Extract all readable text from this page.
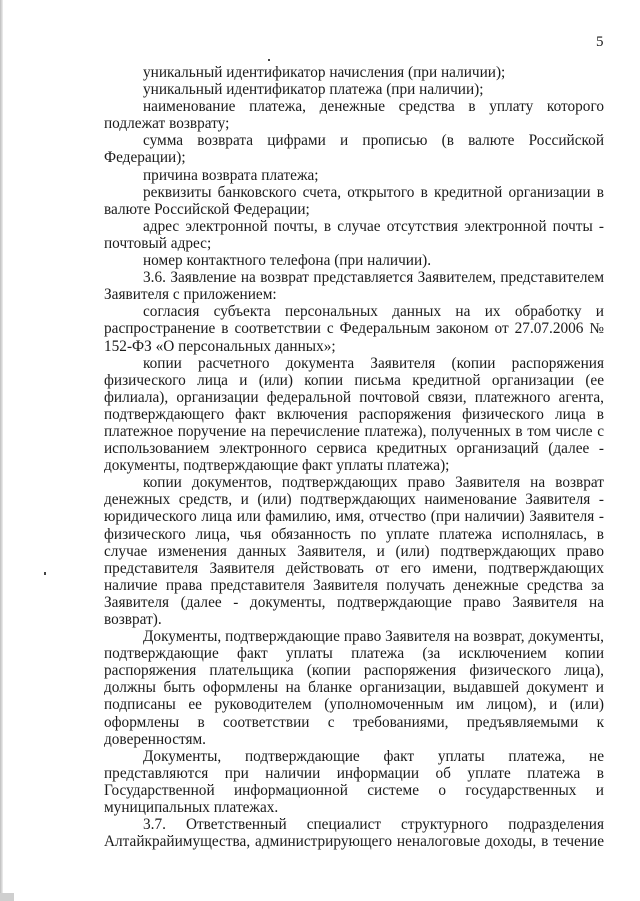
5

уникальный идентификатор начисления (при наличии);

уникальный идентификатор платежа (при наличии);

наименование платежа, денежные средства в уплату которого подлежат возврату;

сумма возврата цифрами и прописью (в валюте Российской Федерации);

причина возврата платежа;

реквизиты банковского счета, открытого в кредитной организации в валюте Российской Федерации;

адрес электронной почты, в случае отсутствия электронной почты - почтовый адрес;

номер контактного телефона (при наличии).

3.6. Заявление на возврат представляется Заявителем, представителем Заявителя с приложением:

согласия субъекта персональных данных на их обработку и распространение в соответствии с Федеральным законом от 27.07.2006 № 152-ФЗ «О персональных данных»;

копии расчетного документа Заявителя (копии распоряжения физического лица и (или) копии письма кредитной организации (ее филиала), организации федеральной почтовой связи, платежного агента, подтверждающего факт включения распоряжения физического лица в платежное поручение на перечисление платежа), полученных в том числе с использованием электронного сервиса кредитных организаций (далее - документы, подтверждающие факт уплаты платежа);

копии документов, подтверждающих право Заявителя на возврат денежных средств, и (или) подтверждающих наименование Заявителя - юридического лица или фамилию, имя, отчество (при наличии) Заявителя - физического лица, чья обязанность по уплате платежа исполнялась, в случае изменения данных Заявителя, и (или) подтверждающих право представителя Заявителя действовать от его имени, подтверждающих наличие права представителя Заявителя получать денежные средства за Заявителя (далее - документы, подтверждающие право Заявителя на возврат).

Документы, подтверждающие право Заявителя на возврат, документы, подтверждающие факт уплаты платежа (за исключением копии распоряжения плательщика (копии распоряжения физического лица), должны быть оформлены на бланке организации, выдавшей документ и подписаны ее руководителем (уполномоченным им лицом), и (или) оформлены в соответствии с требованиями, предъявляемыми к доверенностям.

Документы, подтверждающие факт уплаты платежа, не представляются при наличии информации об уплате платежа в Государственной информационной системе о государственных и муниципальных платежах.

3.7. Ответственный специалист структурного подразделения Алтайкрайимущества, администрирующего неналоговые доходы, в течение
